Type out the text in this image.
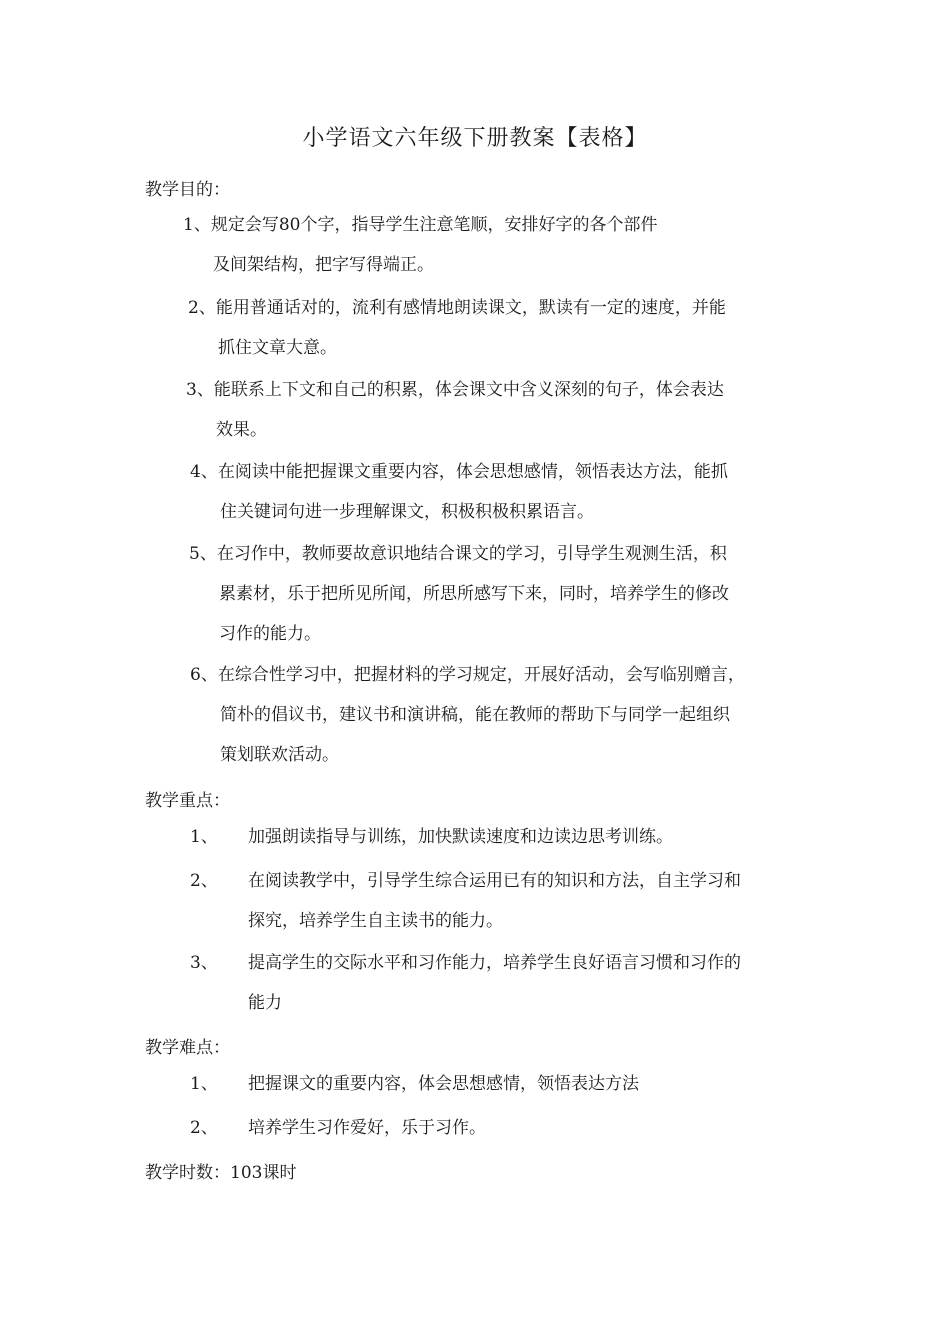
小学语文六年级下册教案【表格】
教学目的：
1、规定会写80个字，指导学生注意笔顺，安排好字的各个部件
及间架结构，把字写得端正。
2、能用普通话对的，流利有感情地朗读课文，默读有一定的速度，并能
抓住文章大意。
3、能联系上下文和自己的积累，体会课文中含义深刻的句子，体会表达
效果。
4、在阅读中能把握课文重要内容，体会思想感情，领悟表达方法，能抓
住关键词句进一步理解课文，积极积极积累语言。
5、在习作中，教师要故意识地结合课文的学习，引导学生观测生活，积
累素材，乐于把所见所闻，所思所感写下来，同时，培养学生的修改
习作的能力。
6、在综合性学习中，把握材料的学习规定，开展好活动，会写临别赠言，
简朴的倡议书，建议书和演讲稿，能在教师的帮助下与同学一起组织
策划联欢活动。
教学重点：
1、 加强朗读指导与训练，加快默读速度和边读边思考训练。
2、 在阅读教学中，引导学生综合运用已有的知识和方法，自主学习和
探究，培养学生自主读书的能力。
3、 提高学生的交际水平和习作能力，培养学生良好语言习惯和习作的
能力
教学难点：
1、 把握课文的重要内容，体会思想感情，领悟表达方法
2、 培养学生习作爱好，乐于习作。
教学时数：103课时
